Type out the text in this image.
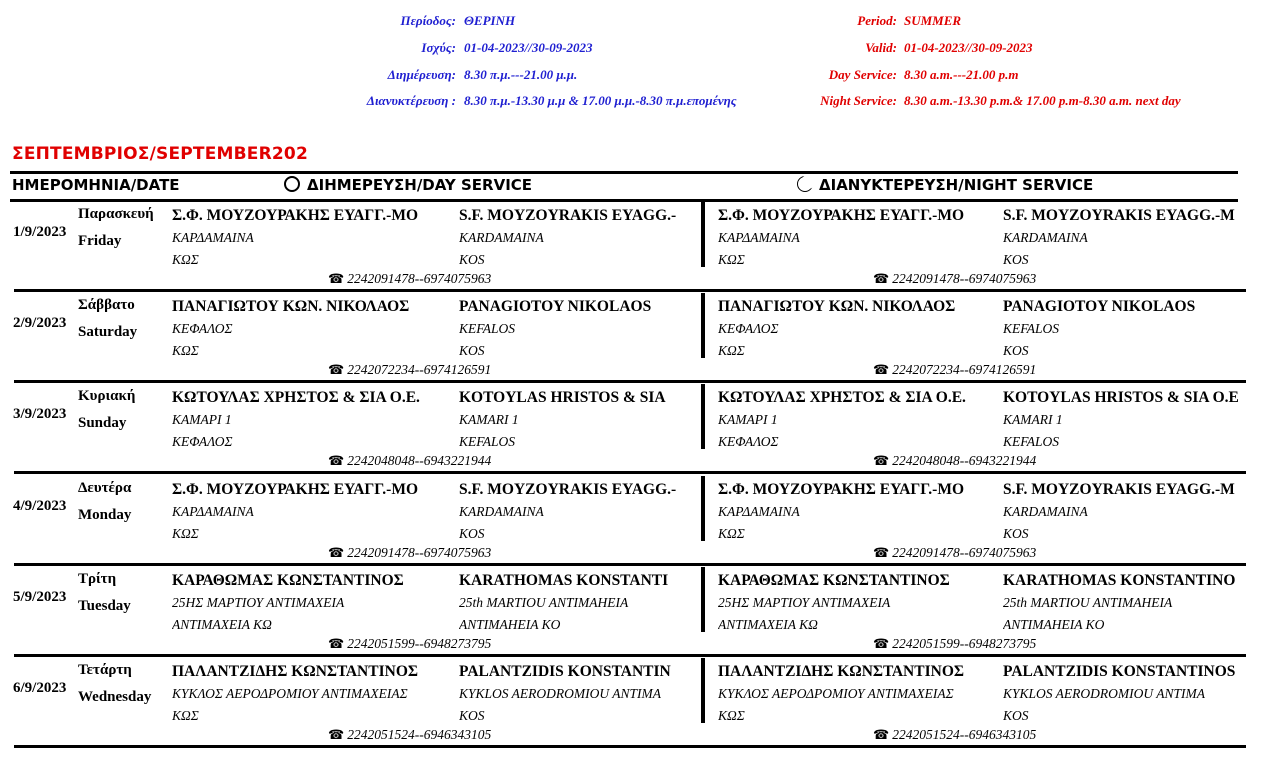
Περίοδος:
Ισχύς:
Διημέρευση:
Διανυκτέρευση :
ΘΕΡΙΝΗ
01-04-2023//30-09-2023
8.30 π.μ.---21.00 μ.μ.
8.30 π.μ.-13.30 μ.μ & 17.00 μ.μ.-8.30 π.μ.επομένης
Period:
Valid:
Day Service:
Night Service:
SUMMER
01-04-2023//30-09-2023
8.30 a.m.---21.00 p.m
8.30 a.m.-13.30 p.m.& 17.00 p.m-8.30 a.m. next day
ΣΕΠΤΕΜΒΡΙΟΣ/SEPTEMBER202
ΗΜΕΡΟΜΗΝΙΑ/DATE	ΔΙΗΜΕΡΕΥΣΗ/DAY SERVICE	ΔΙΑΝΥΚΤΕΡΕΥΣΗ/NIGHT SERVICE
1/9/2023
Παρασκευή
Friday
Σ.Φ. ΜΟΥΖΟΥΡΑΚΗΣ ΕΥΑΓΓ.-ΜΟ
ΚΑΡΔΑΜΑΙΝΑ
ΚΩΣ
S.F. MOYZOYRAKIS EYAGG.-
KARDAMAINA
KOS
☎ 2242091478--6974075963
Σ.Φ. ΜΟΥΖΟΥΡΑΚΗΣ ΕΥΑΓΓ.-ΜΟ
ΚΑΡΔΑΜΑΙΝΑ
ΚΩΣ
S.F. MOYZOYRAKIS EYAGG.-M
KARDAMAINA
KOS
☎ 2242091478--6974075963
2/9/2023
Σάββατο
Saturday
ΠΑΝΑΓΙΩΤΟΥ ΚΩΝ. ΝΙΚΟΛΑΟΣ
ΚΕΦΑΛΟΣ
ΚΩΣ
PANAGIOTOY NIKOLAOS
KEFALOS
KOS
☎ 2242072234--6974126591
ΠΑΝΑΓΙΩΤΟΥ ΚΩΝ. ΝΙΚΟΛΑΟΣ
ΚΕΦΑΛΟΣ
ΚΩΣ
PANAGIOTOY NIKOLAOS
KEFALOS
KOS
☎ 2242072234--6974126591
3/9/2023
Κυριακή
Sunday
ΚΩΤΟΥΛΑΣ ΧΡΗΣΤΟΣ & ΣΙΑ Ο.Ε.
ΚΑΜΑΡΙ 1
ΚΕΦΑΛΟΣ
KOTOYLAS HRISTOS & SIA
KAMARI 1
KEFALOS
☎ 2242048048--6943221944
ΚΩΤΟΥΛΑΣ ΧΡΗΣΤΟΣ & ΣΙΑ Ο.Ε.
ΚΑΜΑΡΙ 1
ΚΕΦΑΛΟΣ
KOTOYLAS HRISTOS & SIA O.E
KAMARI 1
KEFALOS
☎ 2242048048--6943221944
4/9/2023
Δευτέρα
Monday
Σ.Φ. ΜΟΥΖΟΥΡΑΚΗΣ ΕΥΑΓΓ.-ΜΟ
ΚΑΡΔΑΜΑΙΝΑ
ΚΩΣ
S.F. MOYZOYRAKIS EYAGG.-
KARDAMAINA
KOS
☎ 2242091478--6974075963
Σ.Φ. ΜΟΥΖΟΥΡΑΚΗΣ ΕΥΑΓΓ.-ΜΟ
ΚΑΡΔΑΜΑΙΝΑ
ΚΩΣ
S.F. MOYZOYRAKIS EYAGG.-M
KARDAMAINA
KOS
☎ 2242091478--6974075963
5/9/2023
Τρίτη
Tuesday
ΚΑΡΑΘΩΜΑΣ ΚΩΝΣΤΑΝΤΙΝΟΣ
25ΗΣ ΜΑΡΤΙΟΥ ΑΝΤΙΜΑΧΕΙΑ
ΑΝΤΙΜΑΧΕΙΑ ΚΩ
KARATHOMAS KONSTANTI
25th MARTIOU ANTIMAHEIA
ANTIMAHEIA KO
☎ 2242051599--6948273795
ΚΑΡΑΘΩΜΑΣ ΚΩΝΣΤΑΝΤΙΝΟΣ
25ΗΣ ΜΑΡΤΙΟΥ ΑΝΤΙΜΑΧΕΙΑ
ΑΝΤΙΜΑΧΕΙΑ ΚΩ
KARATHOMAS KONSTANTINO
25th MARTIOU ANTIMAHEIA
ANTIMAHEIA KO
☎ 2242051599--6948273795
6/9/2023
Τετάρτη
Wednesday
ΠΑΛΑΝΤΖΙΔΗΣ ΚΩΝΣΤΑΝΤΙΝΟΣ
ΚΥΚΛΟΣ ΑΕΡΟΔΡΟΜΙΟΥ ΑΝΤΙΜΑΧΕΙΑΣ
ΚΩΣ
PALANTZIDIS KONSTANTIN
KYKLOS AERODROMIOU ANTIMA
KOS
☎ 2242051524--6946343105
ΠΑΛΑΝΤΖΙΔΗΣ ΚΩΝΣΤΑΝΤΙΝΟΣ
ΚΥΚΛΟΣ ΑΕΡΟΔΡΟΜΙΟΥ ΑΝΤΙΜΑΧΕΙΑΣ
ΚΩΣ
PALANTZIDIS KONSTANTINOS
KYKLOS AERODROMIOU ANTIMA
KOS
☎ 2242051524--6946343105
